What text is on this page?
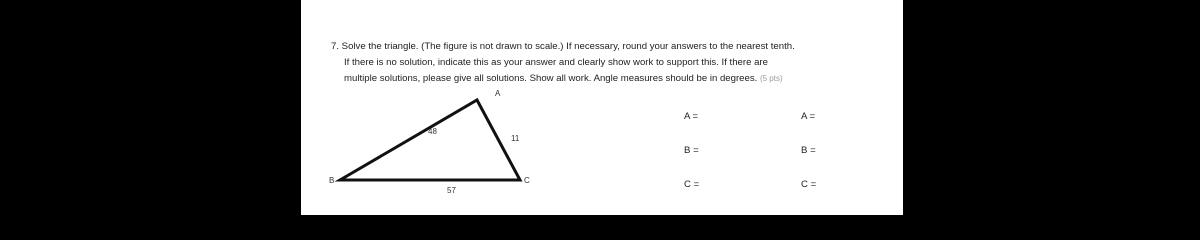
7. Solve the triangle. (The figure is not drawn to scale.) If necessary, round your answers to the nearest tenth.
If there is no solution, indicate this as your answer and clearly show work to support this. If there are
multiple solutions, please give all solutions. Show all work. Angle measures should be in degrees. (5 pts)
A
B	C
48
11
57
A =
B =
C =
A =
B =
C =
